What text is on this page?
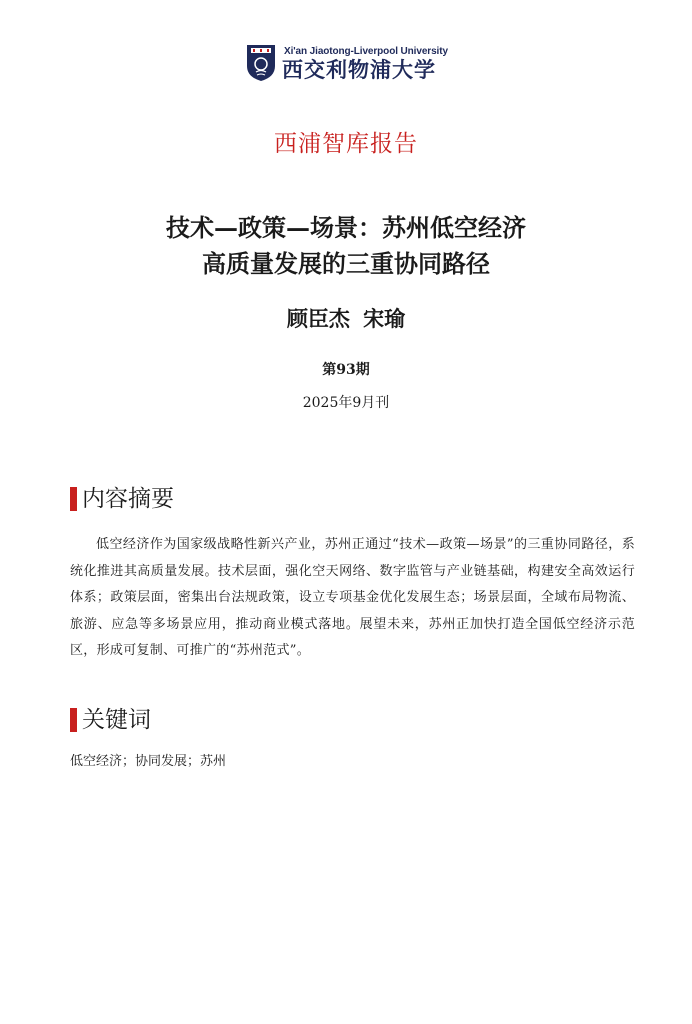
Xi'an Jiaotong-Liverpool University
西交利物浦大学
西浦智库报告
技术—政策—场景：苏州低空经济
高质量发展的三重协同路径
顾臣杰 宋瑜
第93期
2025年9月刊
内容摘要
低空经济作为国家级战略性新兴产业，苏州正通过“技术—政策—场景”的三重协同路径，系统化推进其高质量发展。技术层面，强化空天网络、数字监管与产业链基础，构建安全高效运行体系；政策层面，密集出台法规政策，设立专项基金优化发展生态；场景层面，全域布局物流、旅游、应急等多场景应用，推动商业模式落地。展望未来，苏州正加快打造全国低空经济示范区，形成可复制、可推广的“苏州范式”。
关键词
低空经济；协同发展；苏州
